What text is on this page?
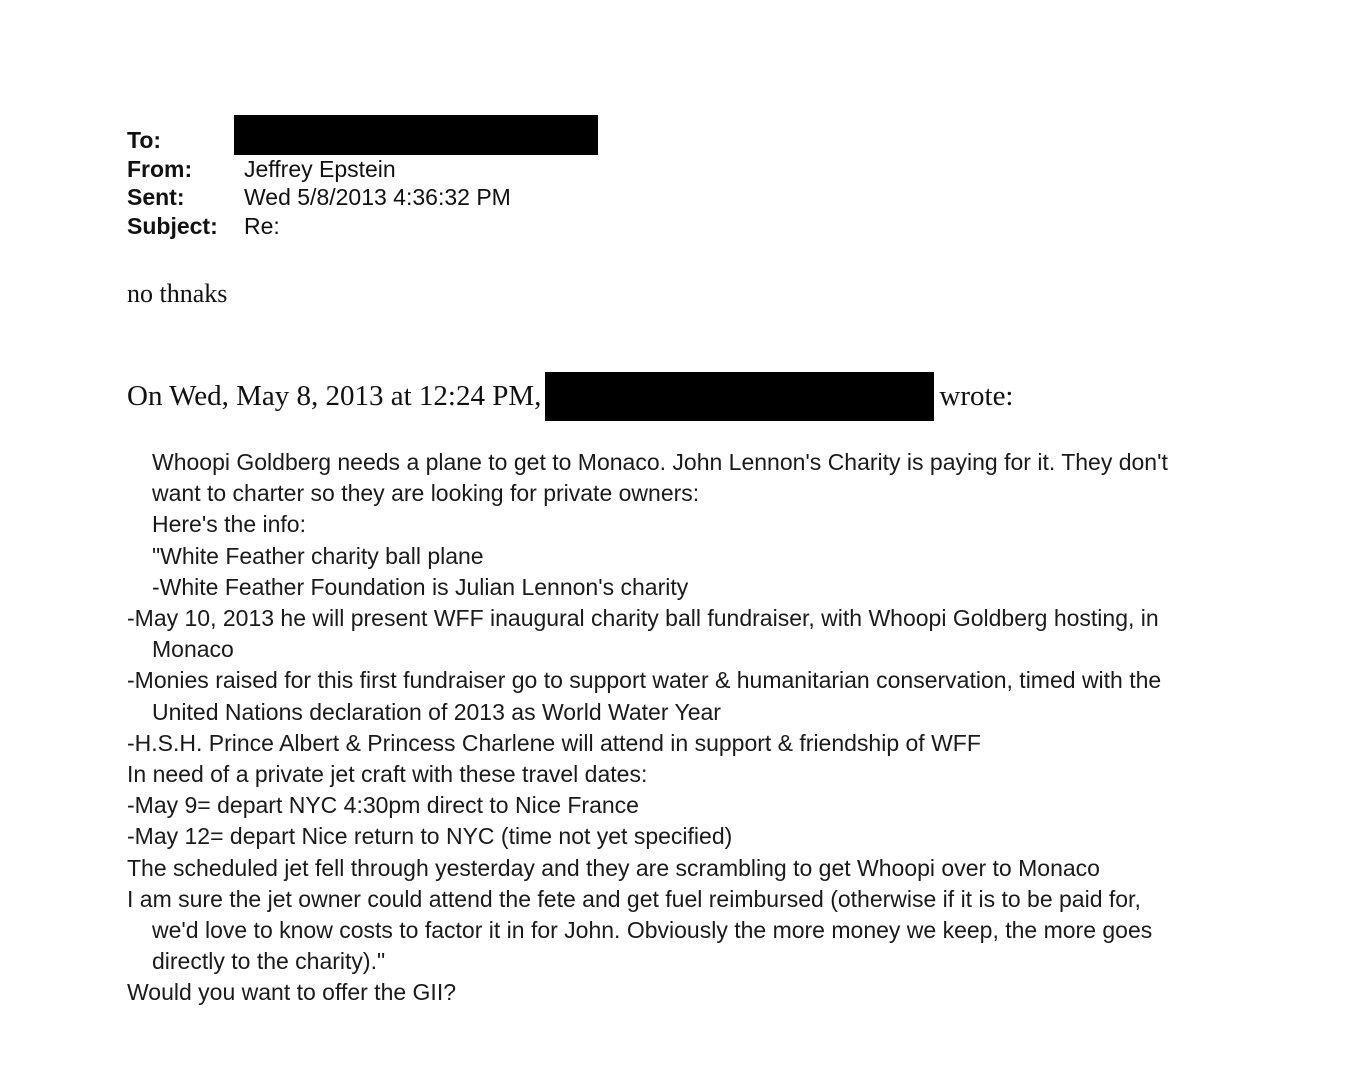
To:
From:	Jeffrey Epstein
Sent:	Wed 5/8/2013 4:36:32 PM
Subject:	Re:
no thnaks
On Wed, May 8, 2013 at 12:24 PM,	wrote:
Whoopi Goldberg needs a plane to get to Monaco. John Lennon's Charity is paying for it. They don't
want to charter so they are looking for private owners:
Here's the info:
"White Feather charity ball plane
-White Feather Foundation is Julian Lennon's charity
-May 10, 2013 he will present WFF inaugural charity ball fundraiser, with Whoopi Goldberg hosting, in
Monaco
-Monies raised for this first fundraiser go to support water & humanitarian conservation, timed with the
United Nations declaration of 2013 as World Water Year
-H.S.H. Prince Albert & Princess Charlene will attend in support & friendship of WFF
In need of a private jet craft with these travel dates:
-May 9= depart NYC 4:30pm direct to Nice France
-May 12= depart Nice return to NYC (time not yet specified)
The scheduled jet fell through yesterday and they are scrambling to get Whoopi over to Monaco
I am sure the jet owner could attend the fete and get fuel reimbursed (otherwise if it is to be paid for,
we'd love to know costs to factor it in for John. Obviously the more money we keep, the more goes
directly to the charity)."
Would you want to offer the GII?
